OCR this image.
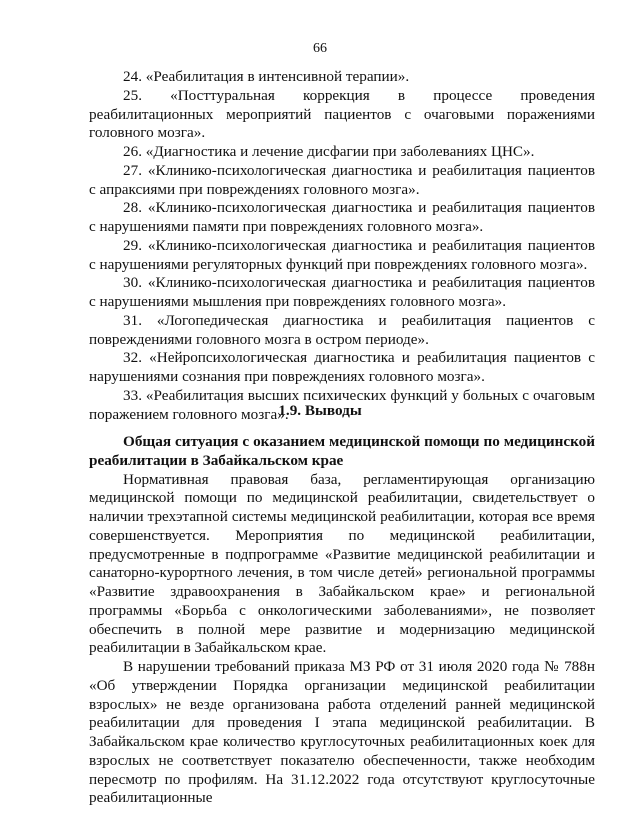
66

24. «Реабилитация в интенсивной терапии».

25. «Посттуральная коррекция в процессе проведения реабилитационных мероприятий пациентов с очаговыми поражениями головного мозга».

26. «Диагностика и лечение дисфагии при заболеваниях ЦНС».

27. «Клинико-психологическая диагностика и реабилитация пациентов с апраксиями при повреждениях головного мозга».

28. «Клинико-психологическая диагностика и реабилитация пациентов с нарушениями памяти при повреждениях головного мозга».

29. «Клинико-психологическая диагностика и реабилитация пациентов с нарушениями регуляторных функций при повреждениях головного мозга».

30. «Клинико-психологическая диагностика и реабилитация пациентов с нарушениями мышления при повреждениях головного мозга».

31. «Логопедическая диагностика и реабилитация пациентов с повреждениями головного мозга в остром периоде».

32. «Нейропсихологическая диагностика и реабилитация пациентов с нарушениями сознания при повреждениях головного мозга».

33. «Реабилитация высших психических функций у больных с очаговым поражением головного мозга».

1.9. Выводы

Общая ситуация с оказанием медицинской помощи по медицинской реабилитации в Забайкальском крае

Нормативная правовая база, регламентирующая организацию медицинской помощи по медицинской реабилитации, свидетельствует о наличии трехэтапной системы медицинской реабилитации, которая все время совершенствуется. Мероприятия по медицинской реабилитации, предусмотренные в подпрограмме «Развитие медицинской реабилитации и санаторно-курортного лечения, в том числе детей» региональной программы «Развитие здравоохранения в Забайкальском крае» и региональной программы «Борьба с онкологическими заболеваниями», не позволяет обеспечить в полной мере развитие и модернизацию медицинской реабилитации в Забайкальском крае.

В нарушении требований приказа МЗ РФ от 31 июля 2020 года № 788н «Об утверждении Порядка организации медицинской реабилитации взрослых» не везде организована работа отделений ранней медицинской реабилитации для проведения I этапа медицинской реабилитации. В Забайкальском крае количество круглосуточных реабилитационных коек для взрослых не соответствует показателю обеспеченности, также необходим пересмотр по профилям. На 31.12.2022 года отсутствуют круглосуточные реабилитационные
